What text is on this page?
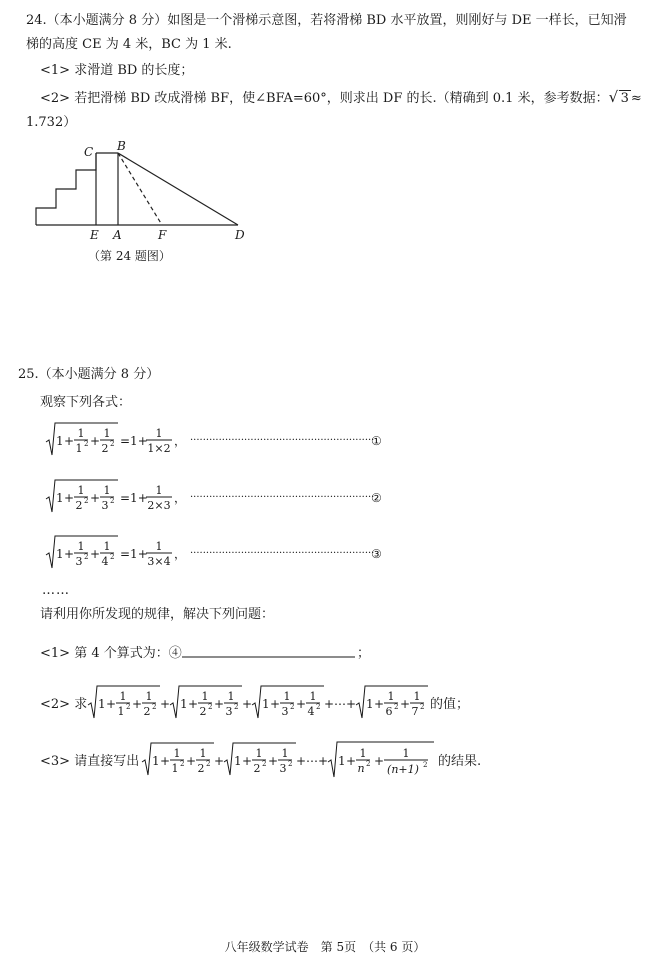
24.（本小题满分 8 分）如图是一个滑梯示意图，若将滑梯 BD 水平放置，则刚好与 DE 一样长，已知滑
梯的高度 CE 为 4 米，BC 为 1 米.
<1> 求滑道 BD 的长度；
<2> 若把滑梯 BD 改成滑梯 BF，使∠BFA=60°，则求出 DF 的长.（精确到 0.1 米，参考数据： √ 3 ≈
1.732）
C B
E A	F	D
（第 24 题图）
25.（本小题满分 8 分）
观察下列各式：
1 +
1
1 2 +
1
2 2 =1+
1
1×2
， ··························································
①
1 +
1
2 2 +
1
3 2 =1+
1
2×3
， ··························································
②
1 +
1
3 2 +
1
4 2 =1+
1
3×4
， ··························································
③
<1> 第 4 个算式为：④	；
<2> 求 1 +
1
1 2 +
1
2 2 + 1 +
1
2 2 +
1
3 2 + 1 +
1
3 2 +
1
4 2 +⋯+ 1 +
1
6 2 +
1
7 2 的值；
<3> 请直接写出 1 +
1
1 2 +
1
2 2 + 1 +
1
2 2 +
1
3 2 +⋯+ 1 +
1
n 2 +
1
(n+1) 2 的结果.
……
请利用你所发现的规律，解决下列问题：
八年级数学试卷　第 5页　（共 6 页）
